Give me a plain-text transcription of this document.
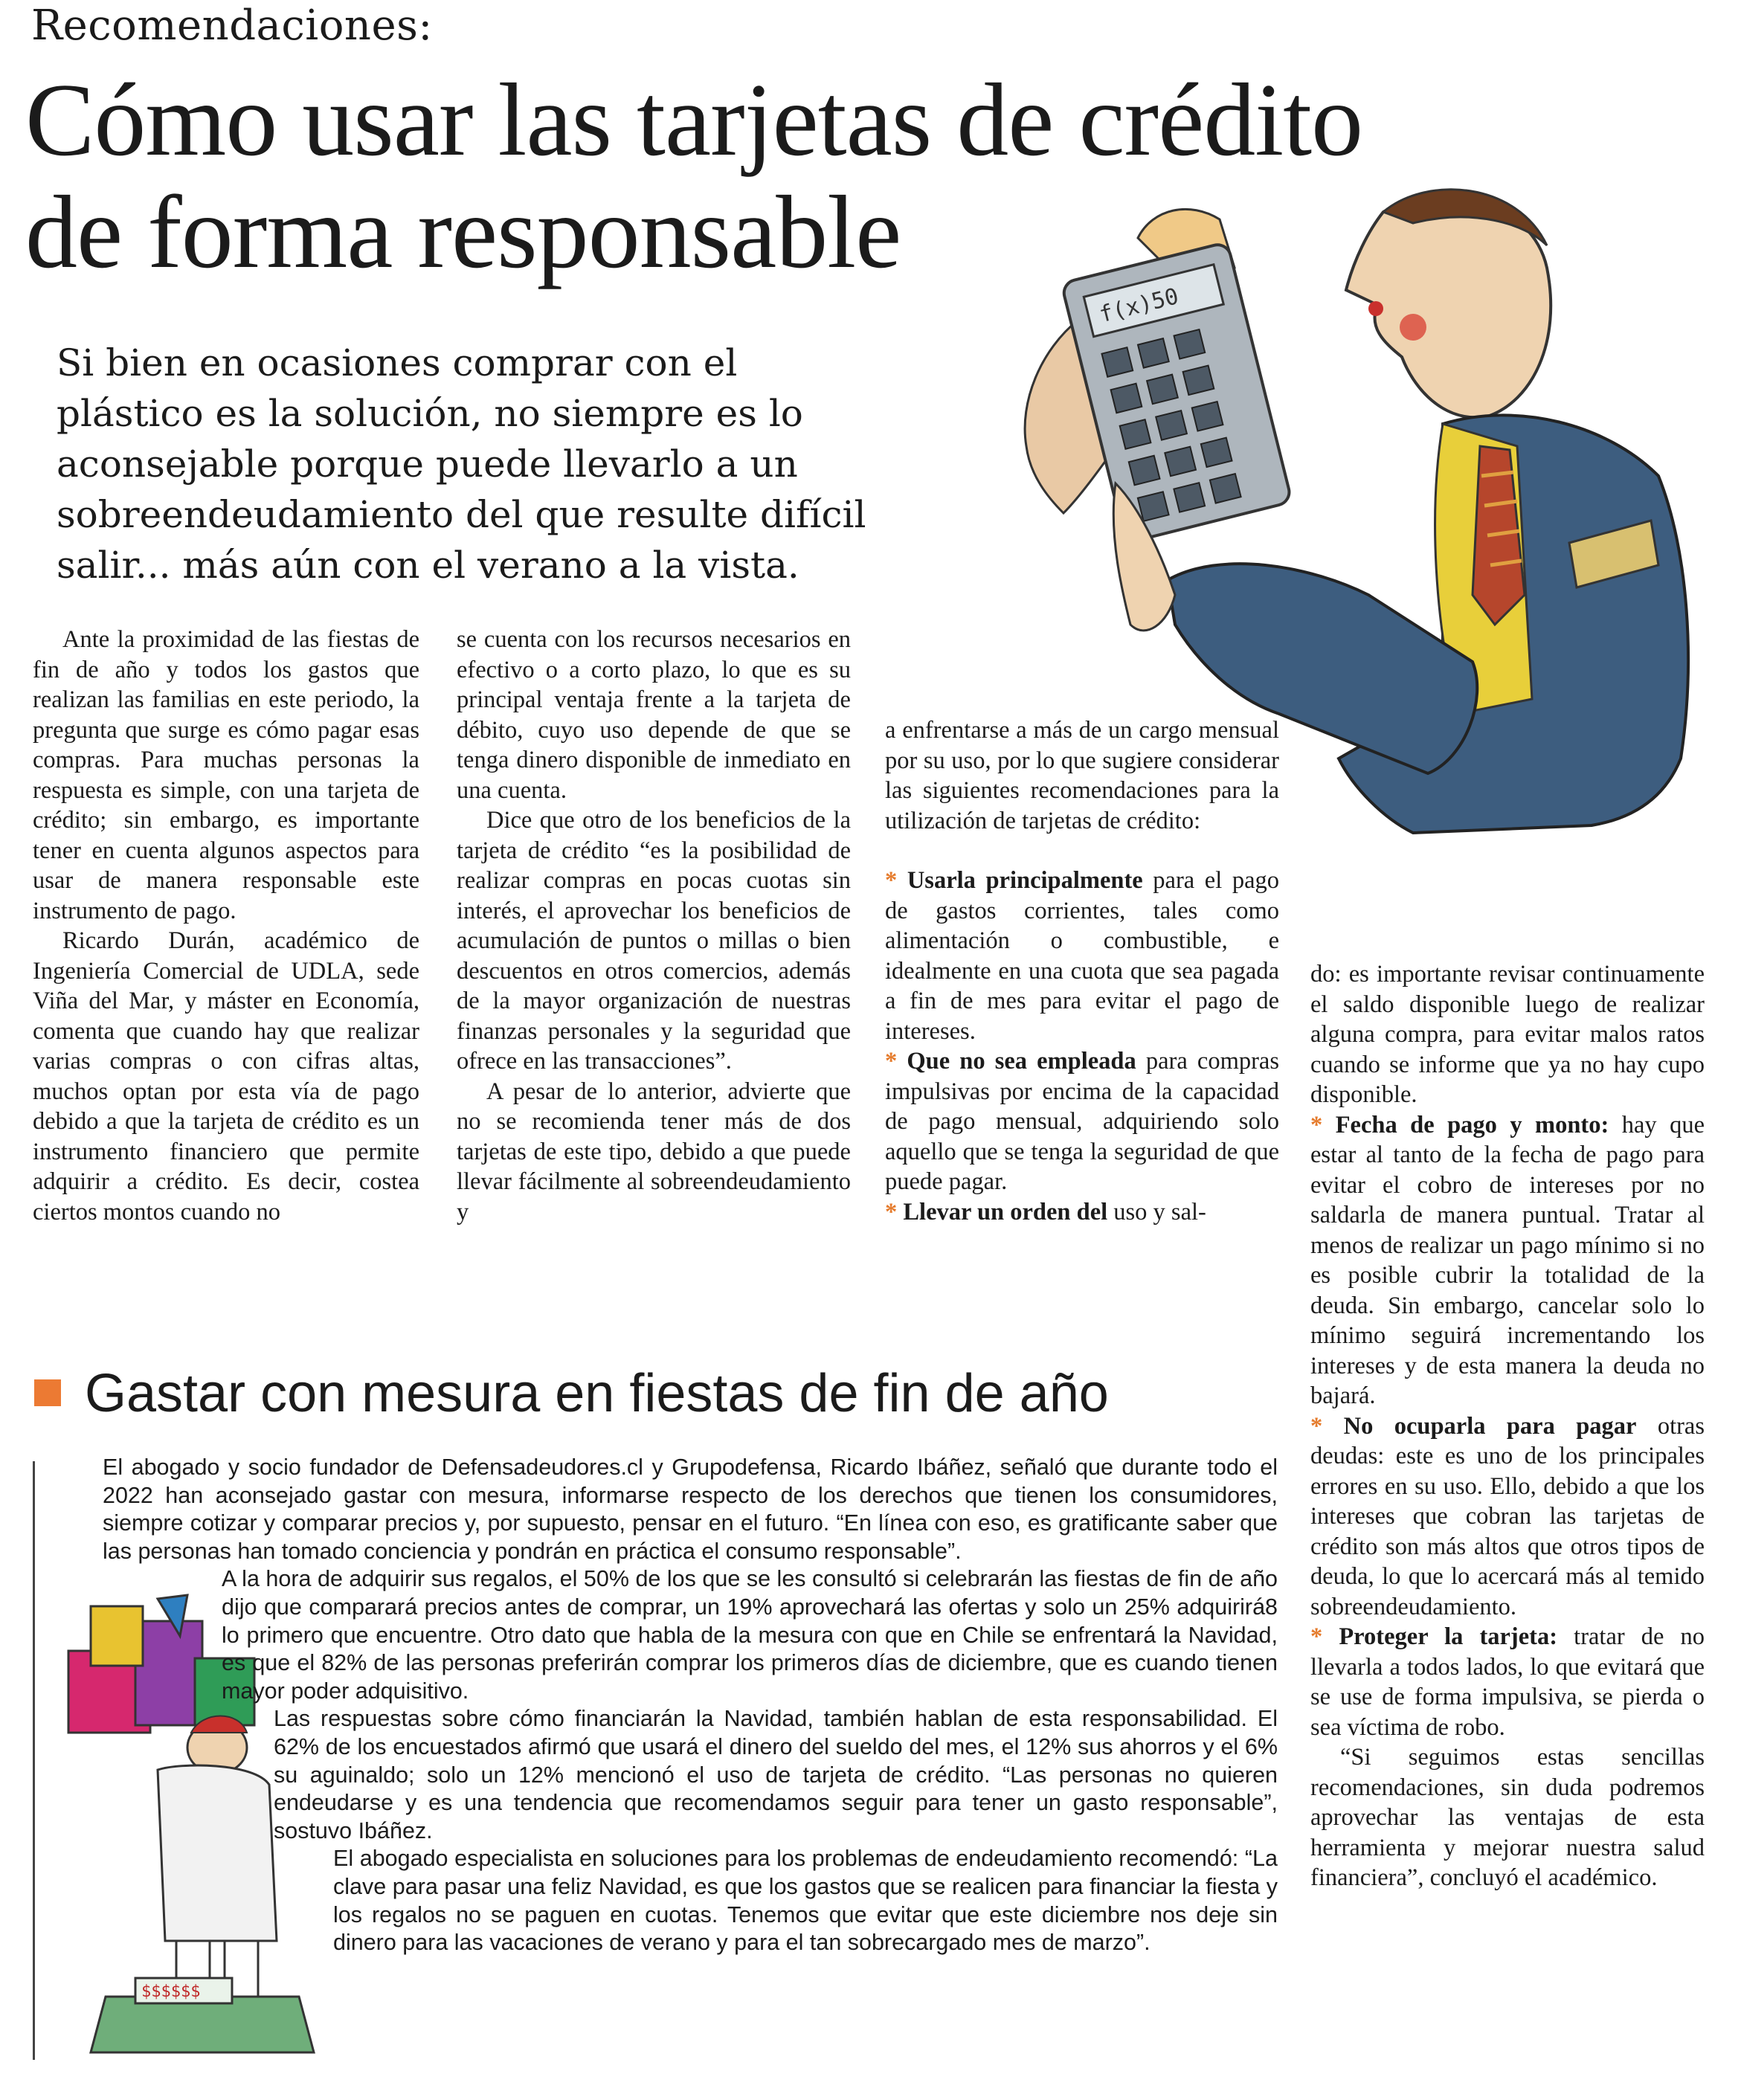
Recomendaciones:
Cómo usar las tarjetas de crédito
de forma responsable

Si bien en ocasiones comprar con el

plástico es la solución, no siempre es lo

aconsejable porque puede llevarlo a un

sobreendeudamiento del que resulte difícil

salir... más aún con el verano a la vista.

f(x)50

Ante la proximidad de las fiestas de fin de año y todos los gastos que realizan las familias en este periodo, la pregunta que surge es cómo pagar esas compras. Para muchas personas la respuesta es simple, con una tarjeta de crédito; sin embargo, es importante tener en cuenta algunos aspectos para usar de manera responsable este instrumento de pago.

Ricardo Durán, académico de Ingeniería Comercial de UDLA, sede Viña del Mar, y máster en Economía, comenta que cuando hay que realizar varias compras o con cifras altas, muchos optan por esta vía de pago debido a que la tarjeta de crédito es un instrumento financiero que permite adquirir a crédito. Es decir, costea ciertos montos cuando no

se cuenta con los recursos necesarios en efectivo o a corto plazo, lo que es su principal ventaja frente a la tarjeta de débito, cuyo uso depende de que se tenga dinero disponible de inmediato en una cuenta.

Dice que otro de los beneficios de la tarjeta de crédito “es la posibilidad de realizar compras en pocas cuotas sin interés, el aprovechar los beneficios de acumulación de puntos o millas o bien descuentos en otros comercios, además de la mayor organización de nuestras finanzas personales y la seguridad que ofrece en las transacciones”.

A pesar de lo anterior, advierte que no se recomienda tener más de dos tarjetas de este tipo, debido a que puede llevar fácilmente al sobreendeudamiento y

a enfrentarse a más de un cargo mensual por su uso, por lo que sugiere considerar las siguientes recomendaciones para la utilización de tarjetas de crédito:

* Usarla principalmente para el pago de gastos corrientes, tales como alimentación o combustible, e idealmente en una cuota que sea pagada a fin de mes para evitar el pago de intereses.

* Que no sea empleada para compras impulsivas por encima de la capacidad de pago mensual, adquiriendo solo aquello que se tenga la seguridad de que puede pagar.

* Llevar un orden del uso y sal-

do: es importante revisar continuamente el saldo disponible luego de realizar alguna compra, para evitar malos ratos cuando se informe que ya no hay cupo disponible.

* Fecha de pago y monto: hay que estar al tanto de la fecha de pago para evitar el cobro de intereses por no saldarla de manera puntual. Tratar al menos de realizar un pago mínimo si no es posible cubrir la totalidad de la deuda. Sin embargo, cancelar solo lo mínimo seguirá incrementando los intereses y de esta manera la deuda no bajará.

* No ocuparla para pagar otras deudas: este es uno de los principales errores en su uso. Ello, debido a que los intereses que cobran las tarjetas de crédito son más altos que otros tipos de deuda, lo que lo acercará más al temido sobreendeudamiento.

* Proteger la tarjeta: tratar de no llevarla a todos lados, lo que evitará que se use de forma impulsiva, se pierda o sea víctima de robo.

“Si seguimos estas sencillas recomendaciones, sin duda podremos aprovechar las ventajas de esta herramienta y mejorar nuestra salud financiera”, concluyó el académico.

Gastar con mesura en fiestas de fin de año
$$$$$$

El abogado y socio fundador de Defensadeudores.cl y Grupodefensa, Ricardo Ibáñez, señaló que durante todo el 2022 han aconsejado gastar con mesura, informarse respecto de los derechos que tienen los consumidores, siempre cotizar y comparar precios y, por supuesto, pensar en el futuro. “En línea con eso, es gratificante saber que las personas han tomado conciencia y pondrán en práctica el consumo responsable”.

A la hora de adquirir sus regalos, el 50% de los que se les consultó si celebrarán las fiestas de fin de año dijo que comparará precios antes de comprar, un 19% aprovechará las ofertas y solo un 25% adquirirá8 lo primero que encuentre. Otro dato que habla de la mesura con que en Chile se enfrentará la Navidad, es que el 82% de las personas preferirán comprar los primeros días de diciembre, que es cuando tienen mayor poder adquisitivo.

Las respuestas sobre cómo financiarán la Navidad, también hablan de esta responsabilidad. El 62% de los encuestados afirmó que usará el dinero del sueldo del mes, el 12% sus ahorros y el 6% su aguinaldo; solo un 12% mencionó el uso de tarjeta de crédito. “Las personas no quieren endeudarse y es una tendencia que recomendamos seguir para tener un gasto responsable”, sostuvo Ibáñez.

El abogado especialista en soluciones para los problemas de endeudamiento recomendó: “La clave para pasar una feliz Navidad, es que los gastos que se realicen para financiar la fiesta y los regalos no se paguen en cuotas. Tenemos que evitar que este diciembre nos deje sin dinero para las vacaciones de verano y para el tan sobrecargado mes de marzo”.
